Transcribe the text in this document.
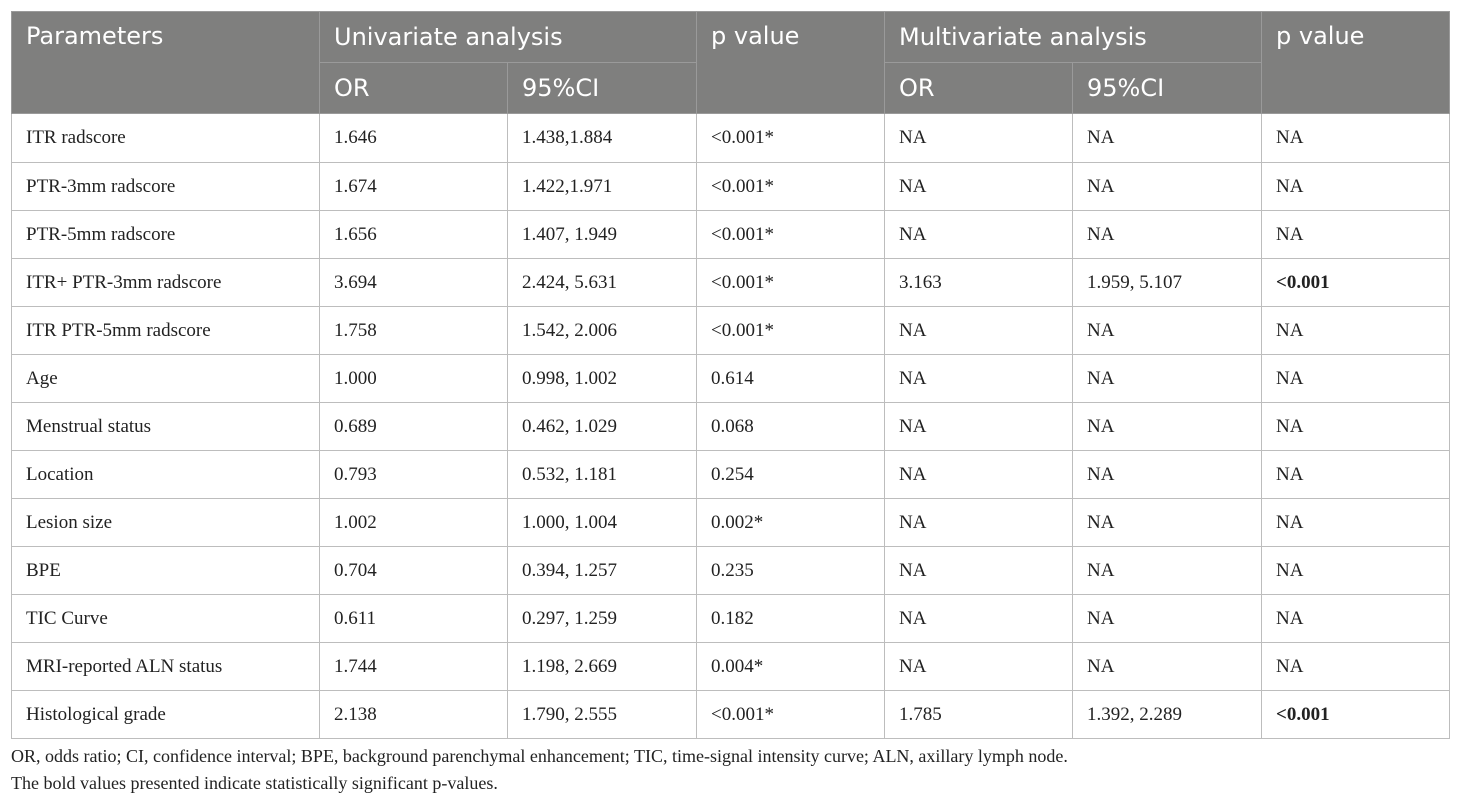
Parameters	Univariate analysis		p value	Multivariate analysis		p value
	OR	95%CI		OR	95%CI	
ITR radscore	1.646	1.438,1.884	<0.001*	NA	NA	NA
PTR-3mm radscore	1.674	1.422,1.971	<0.001*	NA	NA	NA
PTR-5mm radscore	1.656	1.407, 1.949	<0.001*	NA	NA	NA
ITR+ PTR-3mm radscore	3.694	2.424, 5.631	<0.001*	3.163	1.959, 5.107	<0.001
ITR PTR-5mm radscore	1.758	1.542, 2.006	<0.001*	NA	NA	NA
Age	1.000	0.998, 1.002	0.614	NA	NA	NA
Menstrual status	0.689	0.462, 1.029	0.068	NA	NA	NA
Location	0.793	0.532, 1.181	0.254	NA	NA	NA
Lesion size	1.002	1.000, 1.004	0.002*	NA	NA	NA
BPE	0.704	0.394, 1.257	0.235	NA	NA	NA
TIC Curve	0.611	0.297, 1.259	0.182	NA	NA	NA
MRI-reported ALN status	1.744	1.198, 2.669	0.004*	NA	NA	NA
Histological grade	2.138	1.790, 2.555	<0.001*	1.785	1.392, 2.289	<0.001
OR, odds ratio; CI, confidence interval; BPE, background parenchymal enhancement; TIC, time-signal intensity curve; ALN, axillary lymph node.
The bold values presented indicate statistically significant p-values.
